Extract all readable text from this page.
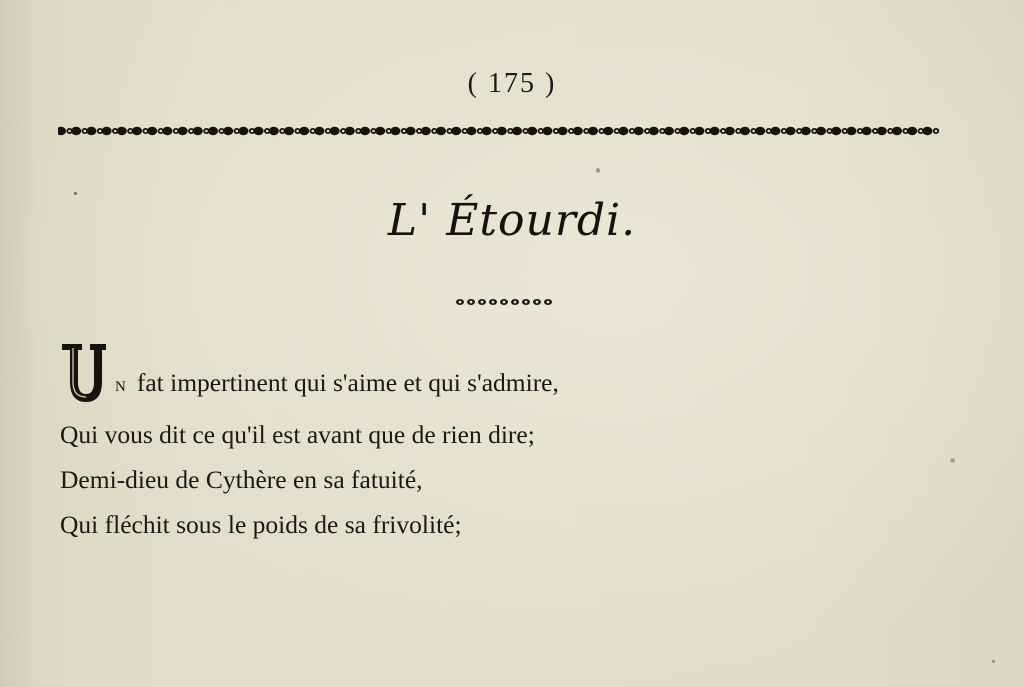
( 175 )
L' Étourdi.
N fat impertinent qui s'aime et qui s'admire,
Qui vous dit ce qu'il est avant que de rien dire;
Demi-dieu de Cythère en sa fatuité,
Qui fléchit sous le poids de sa frivolité;
